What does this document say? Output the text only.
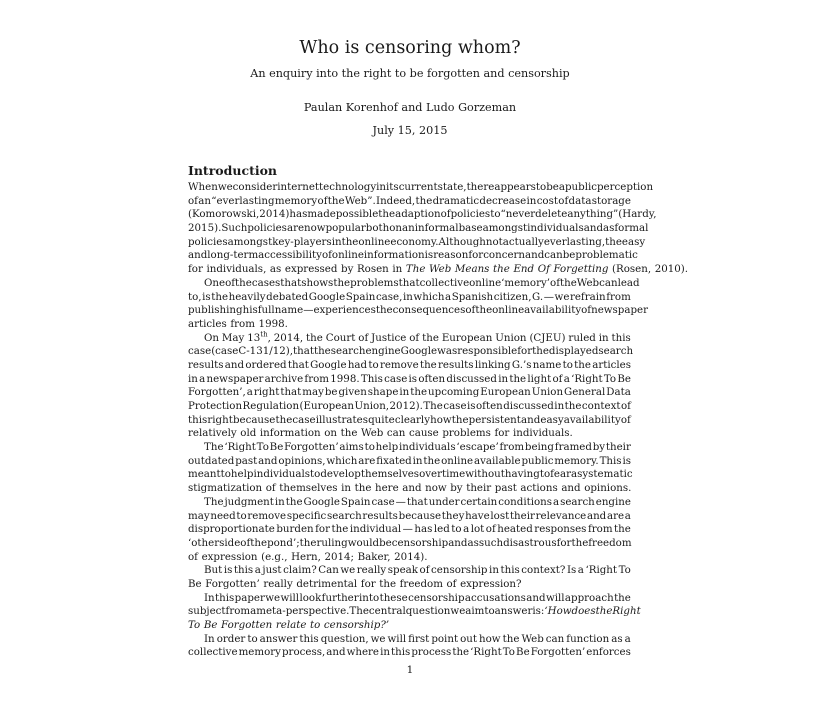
Who is censoring whom?
An enquiry into the right to be forgotten and censorship
Paulan Korenhof and Ludo Gorzeman
July 15, 2015
Introduction
When we consider internet technology in its current state, there appears to be a public perception
of an “everlasting memory of the Web”. Indeed, the dramatic decrease in cost of data storage
(Komorowski, 2014) has made possible the adaption of policies to “never delete anything” (Hardy,
2015). Such policies are now popular both on an informal base amongst individuals and as formal
policies amongst key-players in the online economy. Although not actually everlasting, the easy
and long-term accessibility of online information is reason for concern and can be problematic
for individuals, as expressed by Rosen in The Web Means the End Of Forgetting (Rosen, 2010).
One of the cases that shows the problems that collective online ‘memory’ of the Web can lead
to, is the heavily debated Google Spain case, in which a Spanish citizen, G. — we refrain from
publishing his full name — experiences the consequences of the online availability of newspaper
articles from 1998.
On May 13th, 2014, the Court of Justice of the European Union (CJEU) ruled in this
case (case C-131/12), that the search engine Google was responsible for the displayed search
results and ordered that Google had to remove the results linking G.’s name to the articles
in a newspaper archive from 1998. This case is often discussed in the light of a ‘Right To Be
Forgotten’, a right that may be given shape in the upcoming European Union General Data
Protection Regulation (European Union, 2012). The case is often discussed in the context of
this right because the case illustrates quite clearly how the persistent and easy availability of
relatively old information on the Web can cause problems for individuals.
The ‘Right To Be Forgotten’ aims to help individuals ‘escape’ from being framed by their
outdated past and opinions, which are fixated in the online available public memory. This is
meant to help individuals to develop themselves over time without having to fear a systematic
stigmatization of themselves in the here and now by their past actions and opinions.
The judgment in the Google Spain case — that under certain conditions a search engine
may need to remove specific search results because they have lost their relevance and are a
disproportionate burden for the individual — has led to a lot of heated responses from the
‘other side of the pond’; the ruling would be censorship and as such disastrous for the freedom
of expression (e.g., Hern, 2014; Baker, 2014).
But is this a just claim? Can we really speak of censorship in this context? Is a ‘Right To
Be Forgotten’ really detrimental for the freedom of expression?
In this paper we will look further into these censorship accusations and will approach the
subject from a meta-perspective. The central question we aim to answer is: ‘How does the Right
To Be Forgotten relate to censorship?’
In order to answer this question, we will first point out how the Web can function as a
collective memory process, and where in this process the ‘Right To Be Forgotten’ enforces
1
